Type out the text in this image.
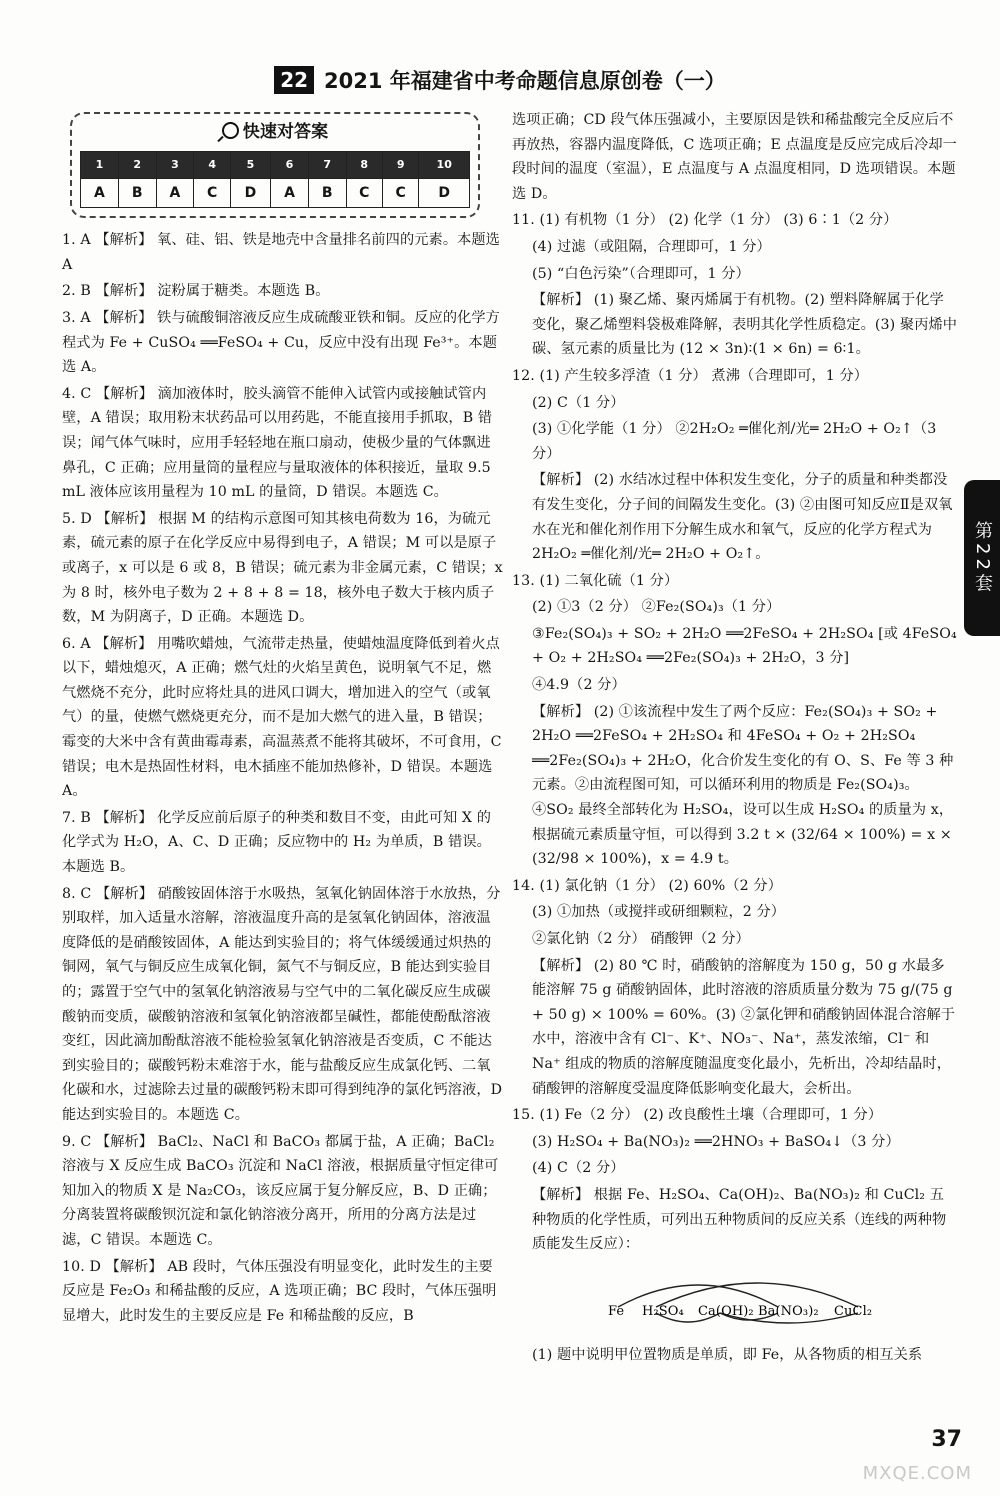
22 2021 年福建省中考命题信息原创卷（一）
快速对答案
1	2	3	4	5	6	7	8	9	10
A	B	A	C	D	A	B	C	C	D
1. A 【解析】 氧、硅、铝、铁是地壳中含量排名前四的元素。本题选 A
2. B 【解析】 淀粉属于糖类。本题选 B。
3. A 【解析】 铁与硫酸铜溶液反应生成硫酸亚铁和铜。反应的化学方程式为 Fe + CuSO₄ ══FeSO₄ + Cu，反应中没有出现 Fe³⁺。本题选 A。
4. C 【解析】 滴加液体时，胶头滴管不能伸入试管内或接触试管内壁，A 错误；取用粉末状药品可以用药匙，不能直接用手抓取，B 错误；闻气体气味时，应用手轻轻地在瓶口扇动，使极少量的气体飘进鼻孔，C 正确；应用量筒的量程应与量取液体的体积接近，量取 9.5 mL 液体应该用量程为 10 mL 的量筒，D 错误。本题选 C。
5. D 【解析】 根据 M 的结构示意图可知其核电荷数为 16，为硫元素，硫元素的原子在化学反应中易得到电子，A 错误；M 可以是原子或离子，x 可以是 6 或 8，B 错误；硫元素为非金属元素，C 错误；x 为 8 时，核外电子数为 2 + 8 + 8 = 18，核外电子数大于核内质子数，M 为阴离子，D 正确。本题选 D。
6. A 【解析】 用嘴吹蜡烛，气流带走热量，使蜡烛温度降低到着火点以下，蜡烛熄灭，A 正确；燃气灶的火焰呈黄色，说明氧气不足，燃气燃烧不充分，此时应将灶具的进风口调大，增加进入的空气（或氧气）的量，使燃气燃烧更充分，而不是加大燃气的进入量，B 错误；霉变的大米中含有黄曲霉毒素，高温蒸煮不能将其破坏，不可食用，C 错误；电木是热固性材料，电木插座不能加热修补，D 错误。本题选 A。
7. B 【解析】 化学反应前后原子的种类和数目不变，由此可知 X 的化学式为 H₂O，A、C、D 正确；反应物中的 H₂ 为单质，B 错误。本题选 B。
8. C 【解析】 硝酸铵固体溶于水吸热，氢氧化钠固体溶于水放热，分别取样，加入适量水溶解，溶液温度升高的是氢氧化钠固体，溶液温度降低的是硝酸铵固体，A 能达到实验目的；将气体缓缓通过炽热的铜网，氧气与铜反应生成氧化铜，氮气不与铜反应，B 能达到实验目的；露置于空气中的氢氧化钠溶液易与空气中的二氧化碳反应生成碳酸钠而变质，碳酸钠溶液和氢氧化钠溶液都呈碱性，都能使酚酞溶液变红，因此滴加酚酞溶液不能检验氢氧化钠溶液是否变质，C 不能达到实验目的；碳酸钙粉末难溶于水，能与盐酸反应生成氯化钙、二氧化碳和水，过滤除去过量的碳酸钙粉末即可得到纯净的氯化钙溶液，D 能达到实验目的。本题选 C。
9. C 【解析】 BaCl₂、NaCl 和 BaCO₃ 都属于盐，A 正确；BaCl₂ 溶液与 X 反应生成 BaCO₃ 沉淀和 NaCl 溶液，根据质量守恒定律可知加入的物质 X 是 Na₂CO₃，该反应属于复分解反应，B、D 正确；分离装置将碳酸钡沉淀和氯化钠溶液分离开，所用的分离方法是过滤，C 错误。本题选 C。
10. D 【解析】 AB 段时，气体压强没有明显变化，此时发生的主要反应是 Fe₂O₃ 和稀盐酸的反应，A 选项正确；BC 段时，气体压强明显增大，此时发生的主要反应是 Fe 和稀盐酸的反应，B
选项正确；CD 段气体压强减小，主要原因是铁和稀盐酸完全反应后不再放热，容器内温度降低，C 选项正确；E 点温度是反应完成后冷却一段时间的温度（室温），E 点温度与 A 点温度相同，D 选项错误。本题选 D。
11. (1) 有机物（1 分） (2) 化学（1 分） (3) 6∶1（2 分）
(4) 过滤（或阻隔，合理即可，1 分）
(5) “白色污染”（合理即可，1 分）
【解析】 (1) 聚乙烯、聚丙烯属于有机物。(2) 塑料降解属于化学变化，聚乙烯塑料袋极难降解，表明其化学性质稳定。(3) 聚丙烯中碳、氢元素的质量比为 (12 × 3n)∶(1 × 6n) = 6∶1。
12. (1) 产生较多浮渣（1 分） 煮沸（合理即可，1 分）
(2) C（1 分）
(3) ①化学能（1 分） ②2H₂O₂ ═催化剂/光═ 2H₂O + O₂↑（3 分）
【解析】 (2) 水结冰过程中体积发生变化，分子的质量和种类都没有发生变化，分子间的间隔发生变化。(3) ②由图可知反应Ⅱ是双氧水在光和催化剂作用下分解生成水和氧气，反应的化学方程式为 2H₂O₂ ═催化剂/光═ 2H₂O + O₂↑。
13. (1) 二氧化硫（1 分）
(2) ①3（2 分） ②Fe₂(SO₄)₃（1 分）
③Fe₂(SO₄)₃ + SO₂ + 2H₂O ══2FeSO₄ + 2H₂SO₄ [或 4FeSO₄ + O₂ + 2H₂SO₄ ══2Fe₂(SO₄)₃ + 2H₂O，3 分]
④4.9（2 分）
【解析】 (2) ①该流程中发生了两个反应：Fe₂(SO₄)₃ + SO₂ + 2H₂O ══2FeSO₄ + 2H₂SO₄ 和 4FeSO₄ + O₂ + 2H₂SO₄ ══2Fe₂(SO₄)₃ + 2H₂O，化合价发生变化的有 O、S、Fe 等 3 种元素。②由流程图可知，可以循环利用的物质是 Fe₂(SO₄)₃。④SO₂ 最终全部转化为 H₂SO₄，设可以生成 H₂SO₄ 的质量为 x，根据硫元素质量守恒，可以得到 3.2 t × (32/64 × 100%) = x × (32/98 × 100%)，x = 4.9 t。
14. (1) 氯化钠（1 分） (2) 60%（2 分）
(3) ①加热（或搅拌或研细颗粒，2 分）
②氯化钠（2 分） 硝酸钾（2 分）
【解析】 (2) 80 ℃ 时，硝酸钠的溶解度为 150 g，50 g 水最多能溶解 75 g 硝酸钠固体，此时溶液的溶质质量分数为 75 g/(75 g + 50 g) × 100% = 60%。(3) ②氯化钾和硝酸钠固体混合溶解于水中，溶液中含有 Cl⁻、K⁺、NO₃⁻、Na⁺，蒸发浓缩，Cl⁻ 和 Na⁺ 组成的物质的溶解度随温度变化最小，先析出，冷却结晶时，硝酸钾的溶解度受温度降低影响变化最大，会析出。
15. (1) Fe（2 分） (2) 改良酸性土壤（合理即可，1 分）
(3) H₂SO₄ + Ba(NO₃)₂ ══2HNO₃ + BaSO₄↓（3 分）
(4) C（2 分）
【解析】 根据 Fe、H₂SO₄、Ca(OH)₂、Ba(NO₃)₂ 和 CuCl₂ 五种物质的化学性质，可列出五种物质间的反应关系（连线的两种物质能发生反应）：
Fe H₂SO₄ Ca(OH)₂ Ba(NO₃)₂ CuCl₂
(1) 题中说明甲位置物质是单质，即 Fe，从各物质的相互关系
第22套
37
MXQE.COM
